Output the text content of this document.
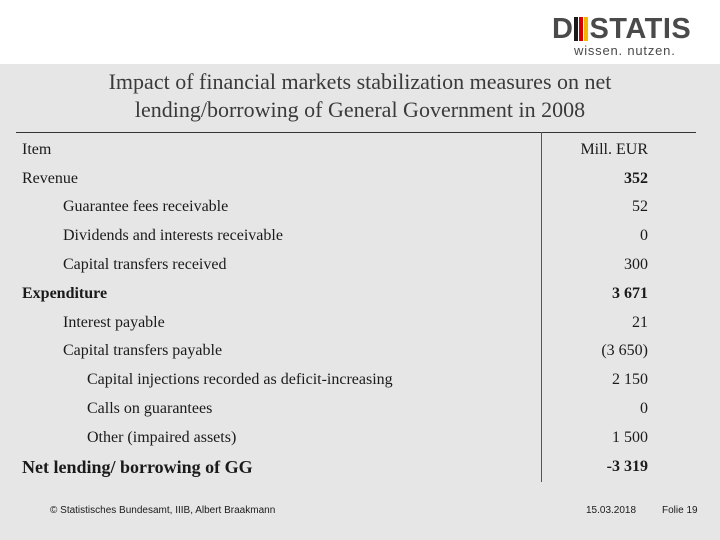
D STATIS
wissen. nutzen.
Impact of financial markets stabilization measures on net
lending/borrowing of General Government in 2008
Item	Mill. EUR
Revenue	352
Guarantee fees receivable	52
Dividends and interests receivable	0
Capital transfers received	300
Expenditure	3 671
Interest payable	21
Capital transfers payable	(3 650)
Capital injections recorded as deficit-increasing	2 150
Calls on guarantees	0
Other (impaired assets)	1 500
Net lending/ borrowing of GG	-3 319
© Statistisches Bundesamt, IIIB, Albert Braakmann	15.03.2018	Folie 19
